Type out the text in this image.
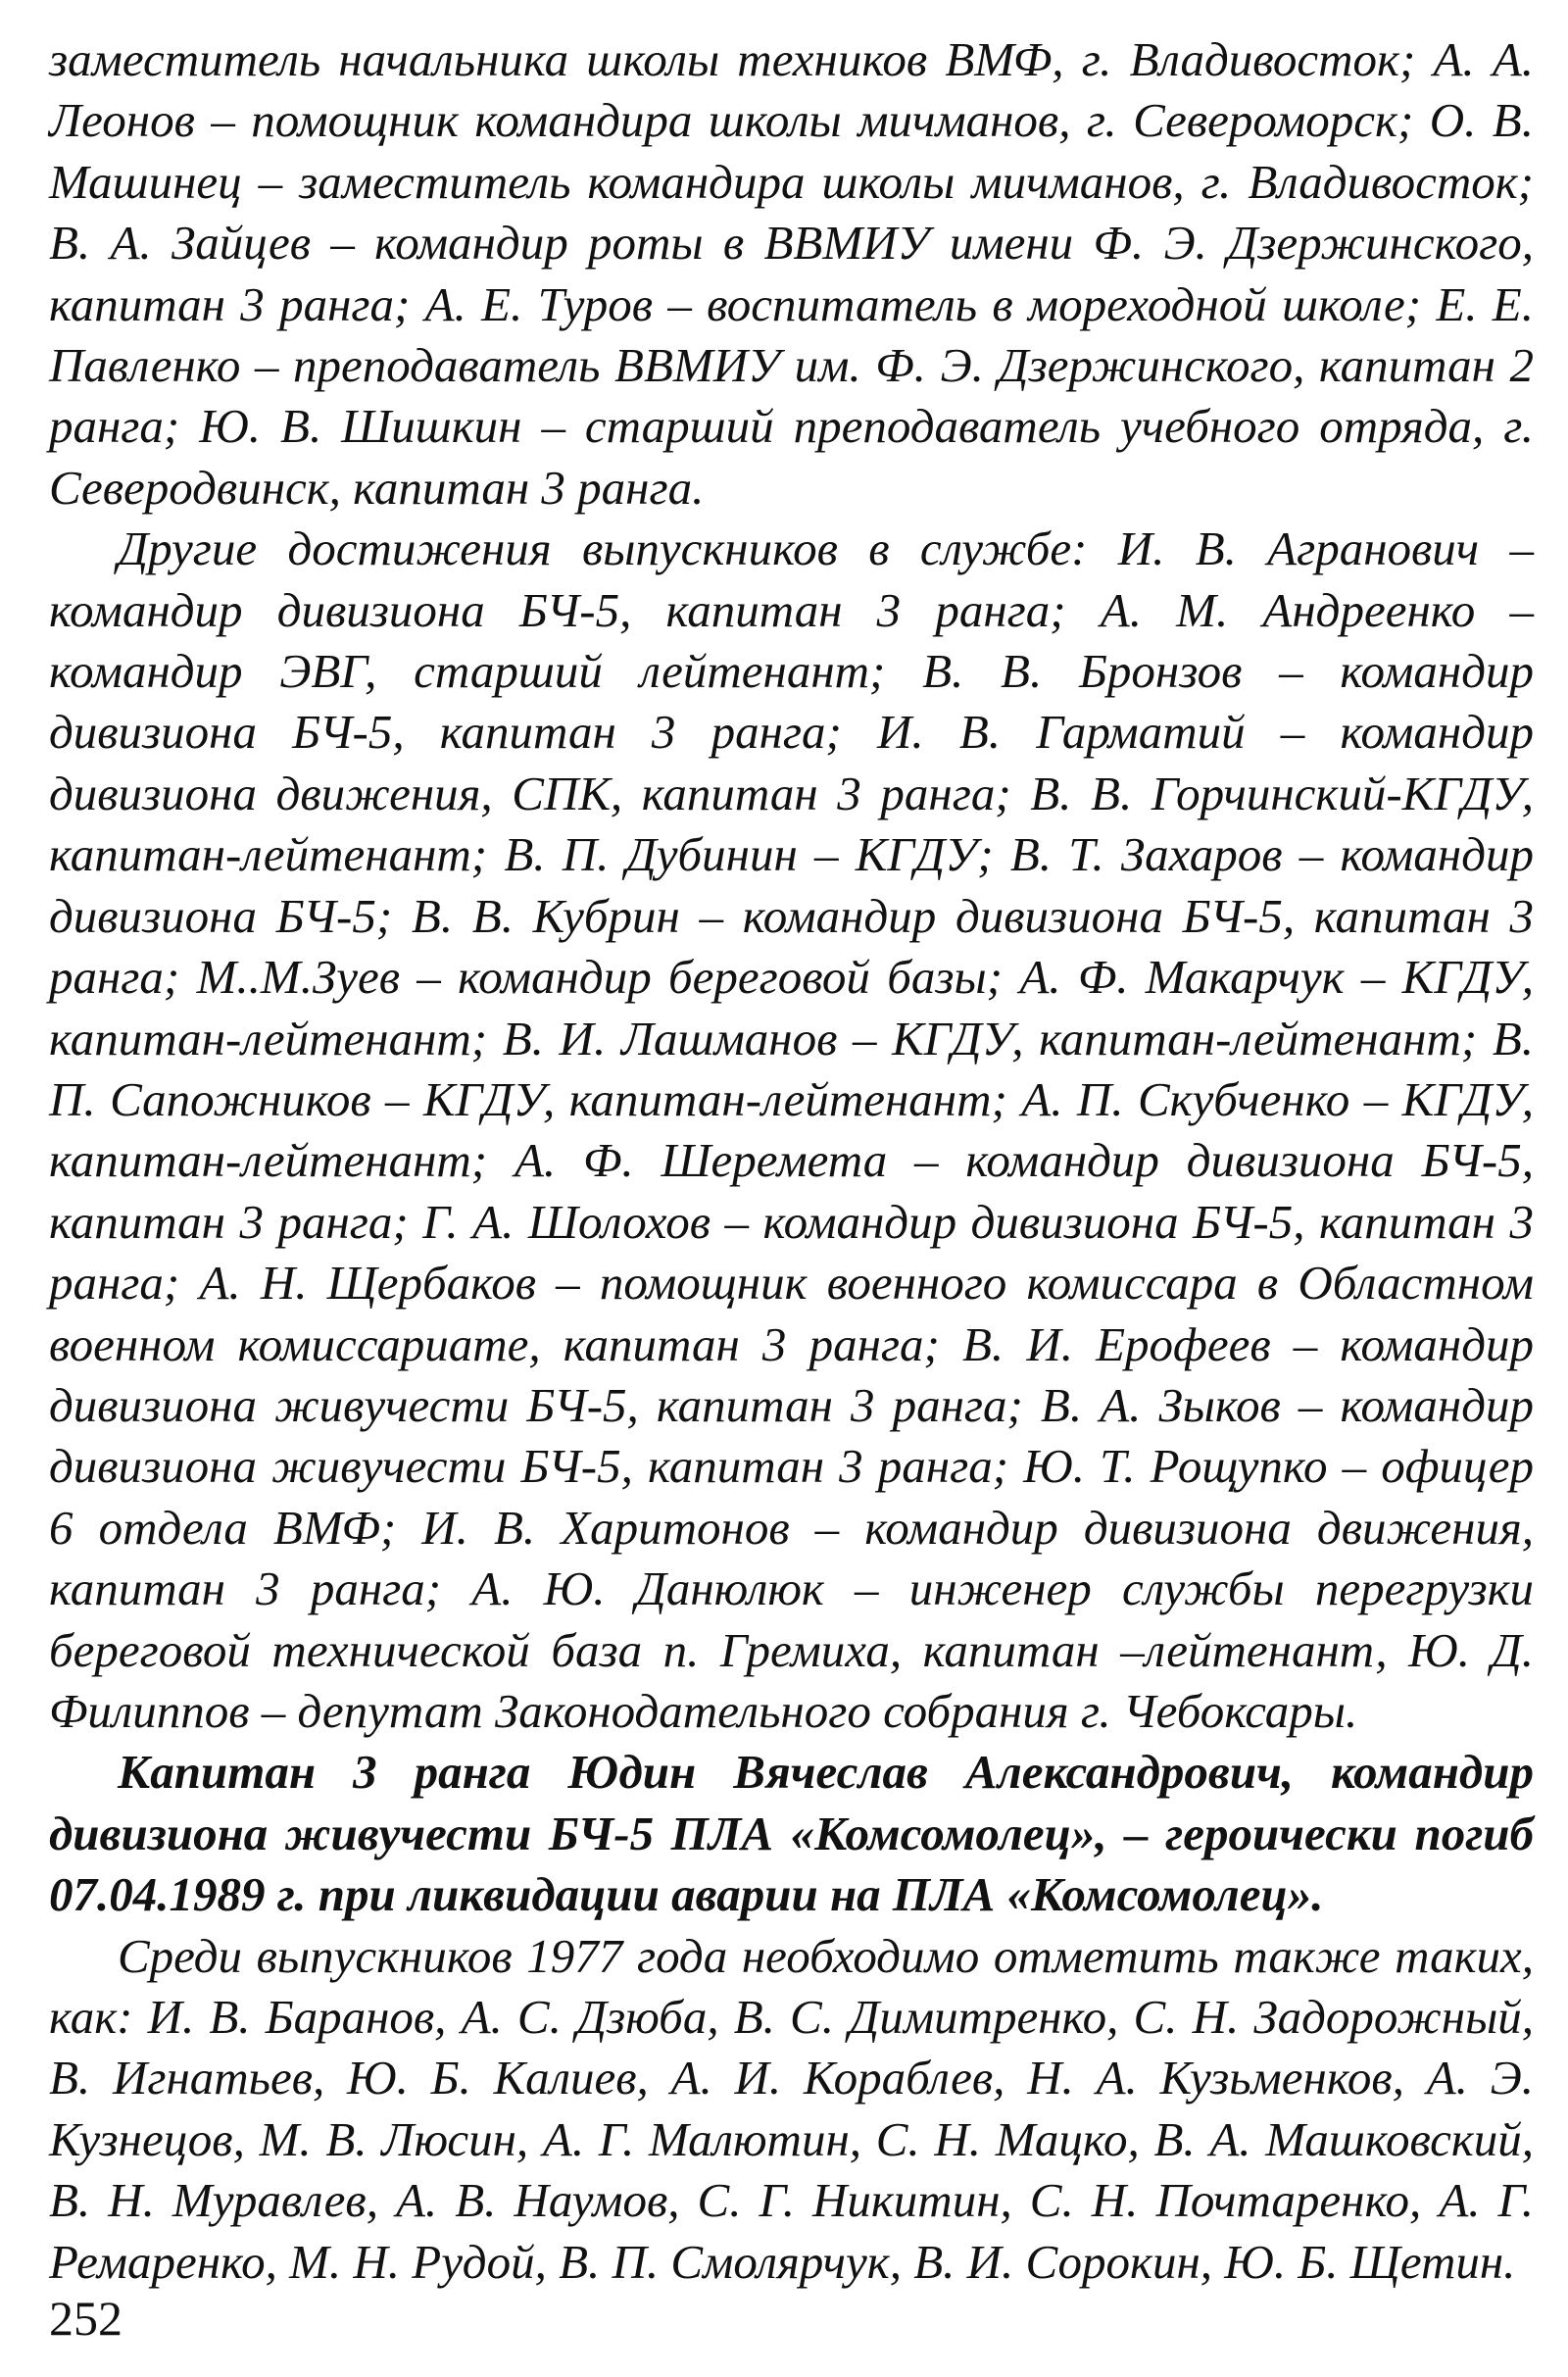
заместитель начальника школы техников ВМФ, г. Владивосток; А. А. Леонов – помощник командира школы мичманов, г. Североморск; О. В. Машинец – заместитель командира школы мичманов, г. Владивосток; В. А. Зайцев – командир роты в ВВМИУ имени Ф. Э. Дзержинского, капитан 3 ранга; А. Е. Туров – воспитатель в мореходной школе; Е. Е. Павленко – преподаватель ВВМИУ им. Ф. Э. Дзержинского, капитан 2 ранга; Ю. В. Шишкин – старший преподаватель учебного отряда, г. Северодвинск, капитан 3 ранга.

Другие достижения выпускников в службе: И. В. Агранович – командир дивизиона БЧ-5, капитан 3 ранга; А. М. Андреенко – командир ЭВГ, старший лейтенант; В. В. Бронзов – командир дивизиона БЧ-5, капитан 3 ранга; И. В. Гарматий – командир дивизиона движения, СПК, капитан 3 ранга; В. В. Горчинский-КГДУ, капитан-лейтенант; В. П. Дубинин – КГДУ; В. Т. Захаров – командир дивизиона БЧ-5; В. В. Кубрин – командир дивизиона БЧ-5, капитан 3 ранга; М..М.Зуев – командир береговой базы; А. Ф. Макарчук – КГДУ, капитан-лейтенант; В. И. Лашманов – КГДУ, капитан-лейтенант; В. П. Сапожников – КГДУ, капитан-лейтенант; А. П. Скубченко – КГДУ, капитан-лейтенант; А. Ф. Шеремета – командир дивизиона БЧ-5, капитан 3 ранга; Г. А. Шолохов – командир дивизиона БЧ-5, капитан 3 ранга; А. Н. Щербаков – помощник военного комиссара в Областном военном комиссариате, капитан 3 ранга; В. И. Ерофеев – командир дивизиона живучести БЧ-5, капитан 3 ранга; В. А. Зыков – командир дивизиона живучести БЧ-5, капитан 3 ранга; Ю. Т. Рощупко – офицер 6 отдела ВМФ; И. В. Харитонов – командир дивизиона движения, капитан 3 ранга; А. Ю. Данюлюк – инженер службы перегрузки береговой технической база п. Гремиха, капитан –лейтенант, Ю. Д. Филиппов – депутат Законодательного собрания г. Чебоксары.

Капитан 3 ранга Юдин Вячеслав Александрович, командир дивизиона живучести БЧ-5 ПЛА «Комсомолец», – героически погиб 07.04.1989 г. при ликвидации аварии на ПЛА «Комсомолец».

Среди выпускников 1977 года необходимо отметить также таких, как: И. В. Баранов, А. С. Дзюба, В. С. Димитренко, С. Н. Задорожный, В. Игнатьев, Ю. Б. Калиев, А. И. Кораблев, Н. А. Кузьменков, А. Э. Кузнецов, М. В. Люсин, А. Г. Малютин, С. Н. Мацко, В. А. Машковский, В. Н. Муравлев, А. В. Наумов, С. Г. Никитин, С. Н. Почтаренко, А. Г. Ремаренко, М. Н. Рудой, В. П. Смолярчук, В. И. Сорокин, Ю. Б. Щетин.

252
